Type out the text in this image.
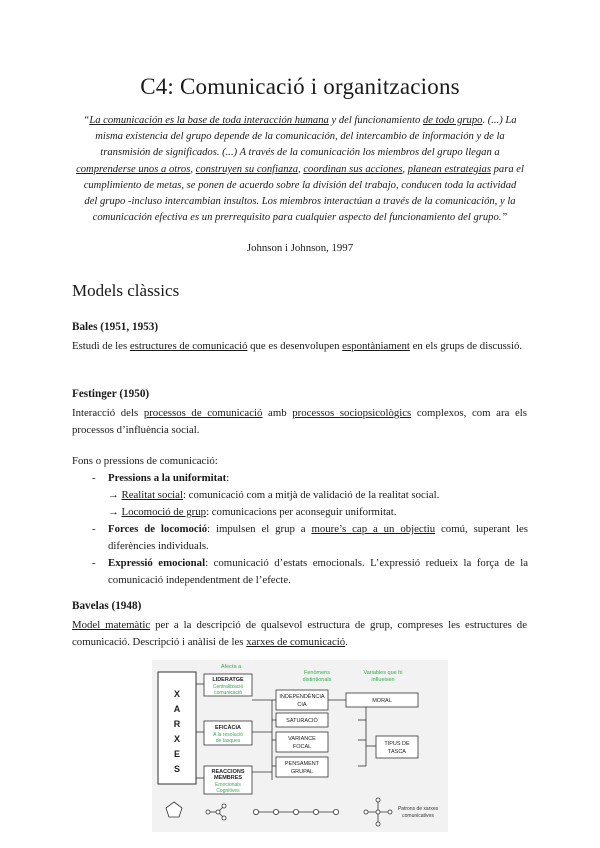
C4: Comunicació i organitzacions

“La comunicación es la base de toda interacción humana y del funcionamiento de todo grupo. (...) La misma existencia del grupo depende de la comunicación, del intercambio de información y de la transmisión de significados. (...) A través de la comunicación los miembros del grupo llegan a comprenderse unos a otros, construyen su confianza, coordinan sus acciones, planean estrategias para el cumplimiento de metas, se ponen de acuerdo sobre la división del trabajo, conducen toda la actividad del grupo -incluso intercambian insultos. Los miembros interactúan a través de la comunicación, y la comunicación efectiva es un prerrequisito para cualquier aspecto del funcionamiento del grupo.”

Johnson i Johnson, 1997
Models clàssics
Bales (1951, 1953)

Estudi de les estructures de comunicació que es desenvolupen espontàniament en els grups de discussió.

Festinger (1950)

Interacció dels processos de comunicació amb processos sociopsicològics complexos, com ara els processos d’influència social.

Fons o pressions de comunicació:

- Pressions a la uniformitat:
→ Realitat social: comunicació com a mitjà de validació de la realitat social.
→ Locomoció de grup: comunicacions per aconseguir uniformitat.
- Forces de locomoció: impulsen el grup a moure’s cap a un objectiu comú, superant les diferències individuals.
- Expressió emocional: comunicació d’estats emocionals. L’expressió redueix la força de la comunicació independentment de l’efecte.
Bavelas (1948)

Model matemàtic per a la descripció de qualsevol estructura de grup, compreses les estructures de comunicació. Descripció i anàlisi de les xarxes de comunicació.

X
A
R
X
E
S
Afecta a
Fenòmens
distintionals
Variables que hi
influeixen
LIDERATGE
Centralització
comunicació
EFICÀCIA
A la resolució
de tasques
REACCIONS
MEMBRES
Emocionals
Cognitives
INDEPENDÈNCIA
CIA
SATURACIÓ
VARIANCE
FOCAL
PENSAMENT
GRUPAL
MORAL
TIPUS DE
TASCA
Patrons de xarxes
comunicatives
